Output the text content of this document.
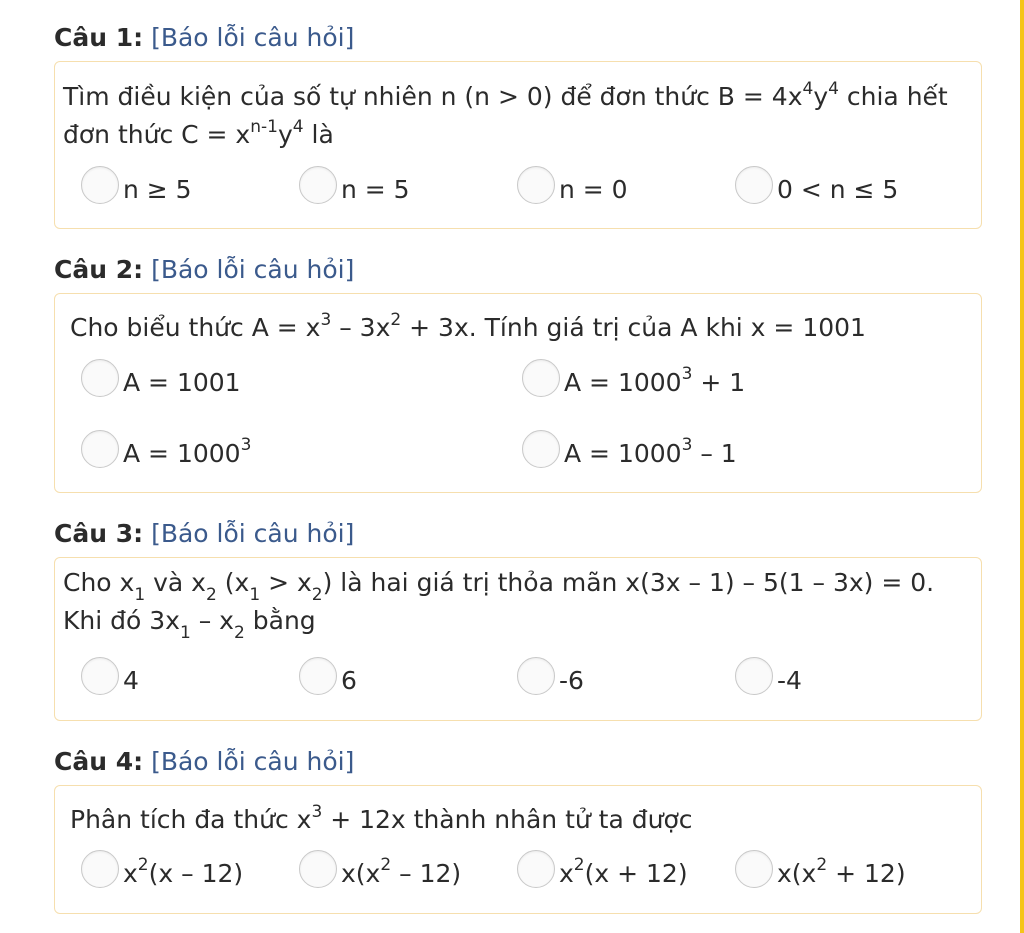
Câu 1: [Báo lỗi câu hỏi]
Tìm điều kiện của số tự nhiên n (n > 0) để đơn thức $B = 4x^4y^4$ chia hết
đơn thức $C = x^{n-1}y^4$ là
n ≥ 5	n = 5	n = 0	0 < n ≤ 5
Câu 2: [Báo lỗi câu hỏi]
Cho biểu thức $A = x^3 - 3x^2 + 3x$. Tính giá trị của A khi x = 1001
A = 1001	$A = 1000^3 + 1$
$A = 1000^3$	$A = 1000^3 - 1$
Câu 3: [Báo lỗi câu hỏi]
Cho $x_1$ và $x_2$ $(x_1 > x_2)$ là hai giá trị thỏa mãn x(3x – 1) – 5(1 – 3x) = 0.
Khi đó $3x_1 - x_2$ bằng
4	6	-6	-4
Câu 4: [Báo lỗi câu hỏi]
Phân tích đa thức $x^3 + 12x$ thành nhân tử ta được
$x^2(x - 12)$	$x(x^2 - 12)$	$x^2(x + 12)$	$x(x^2 + 12)$
